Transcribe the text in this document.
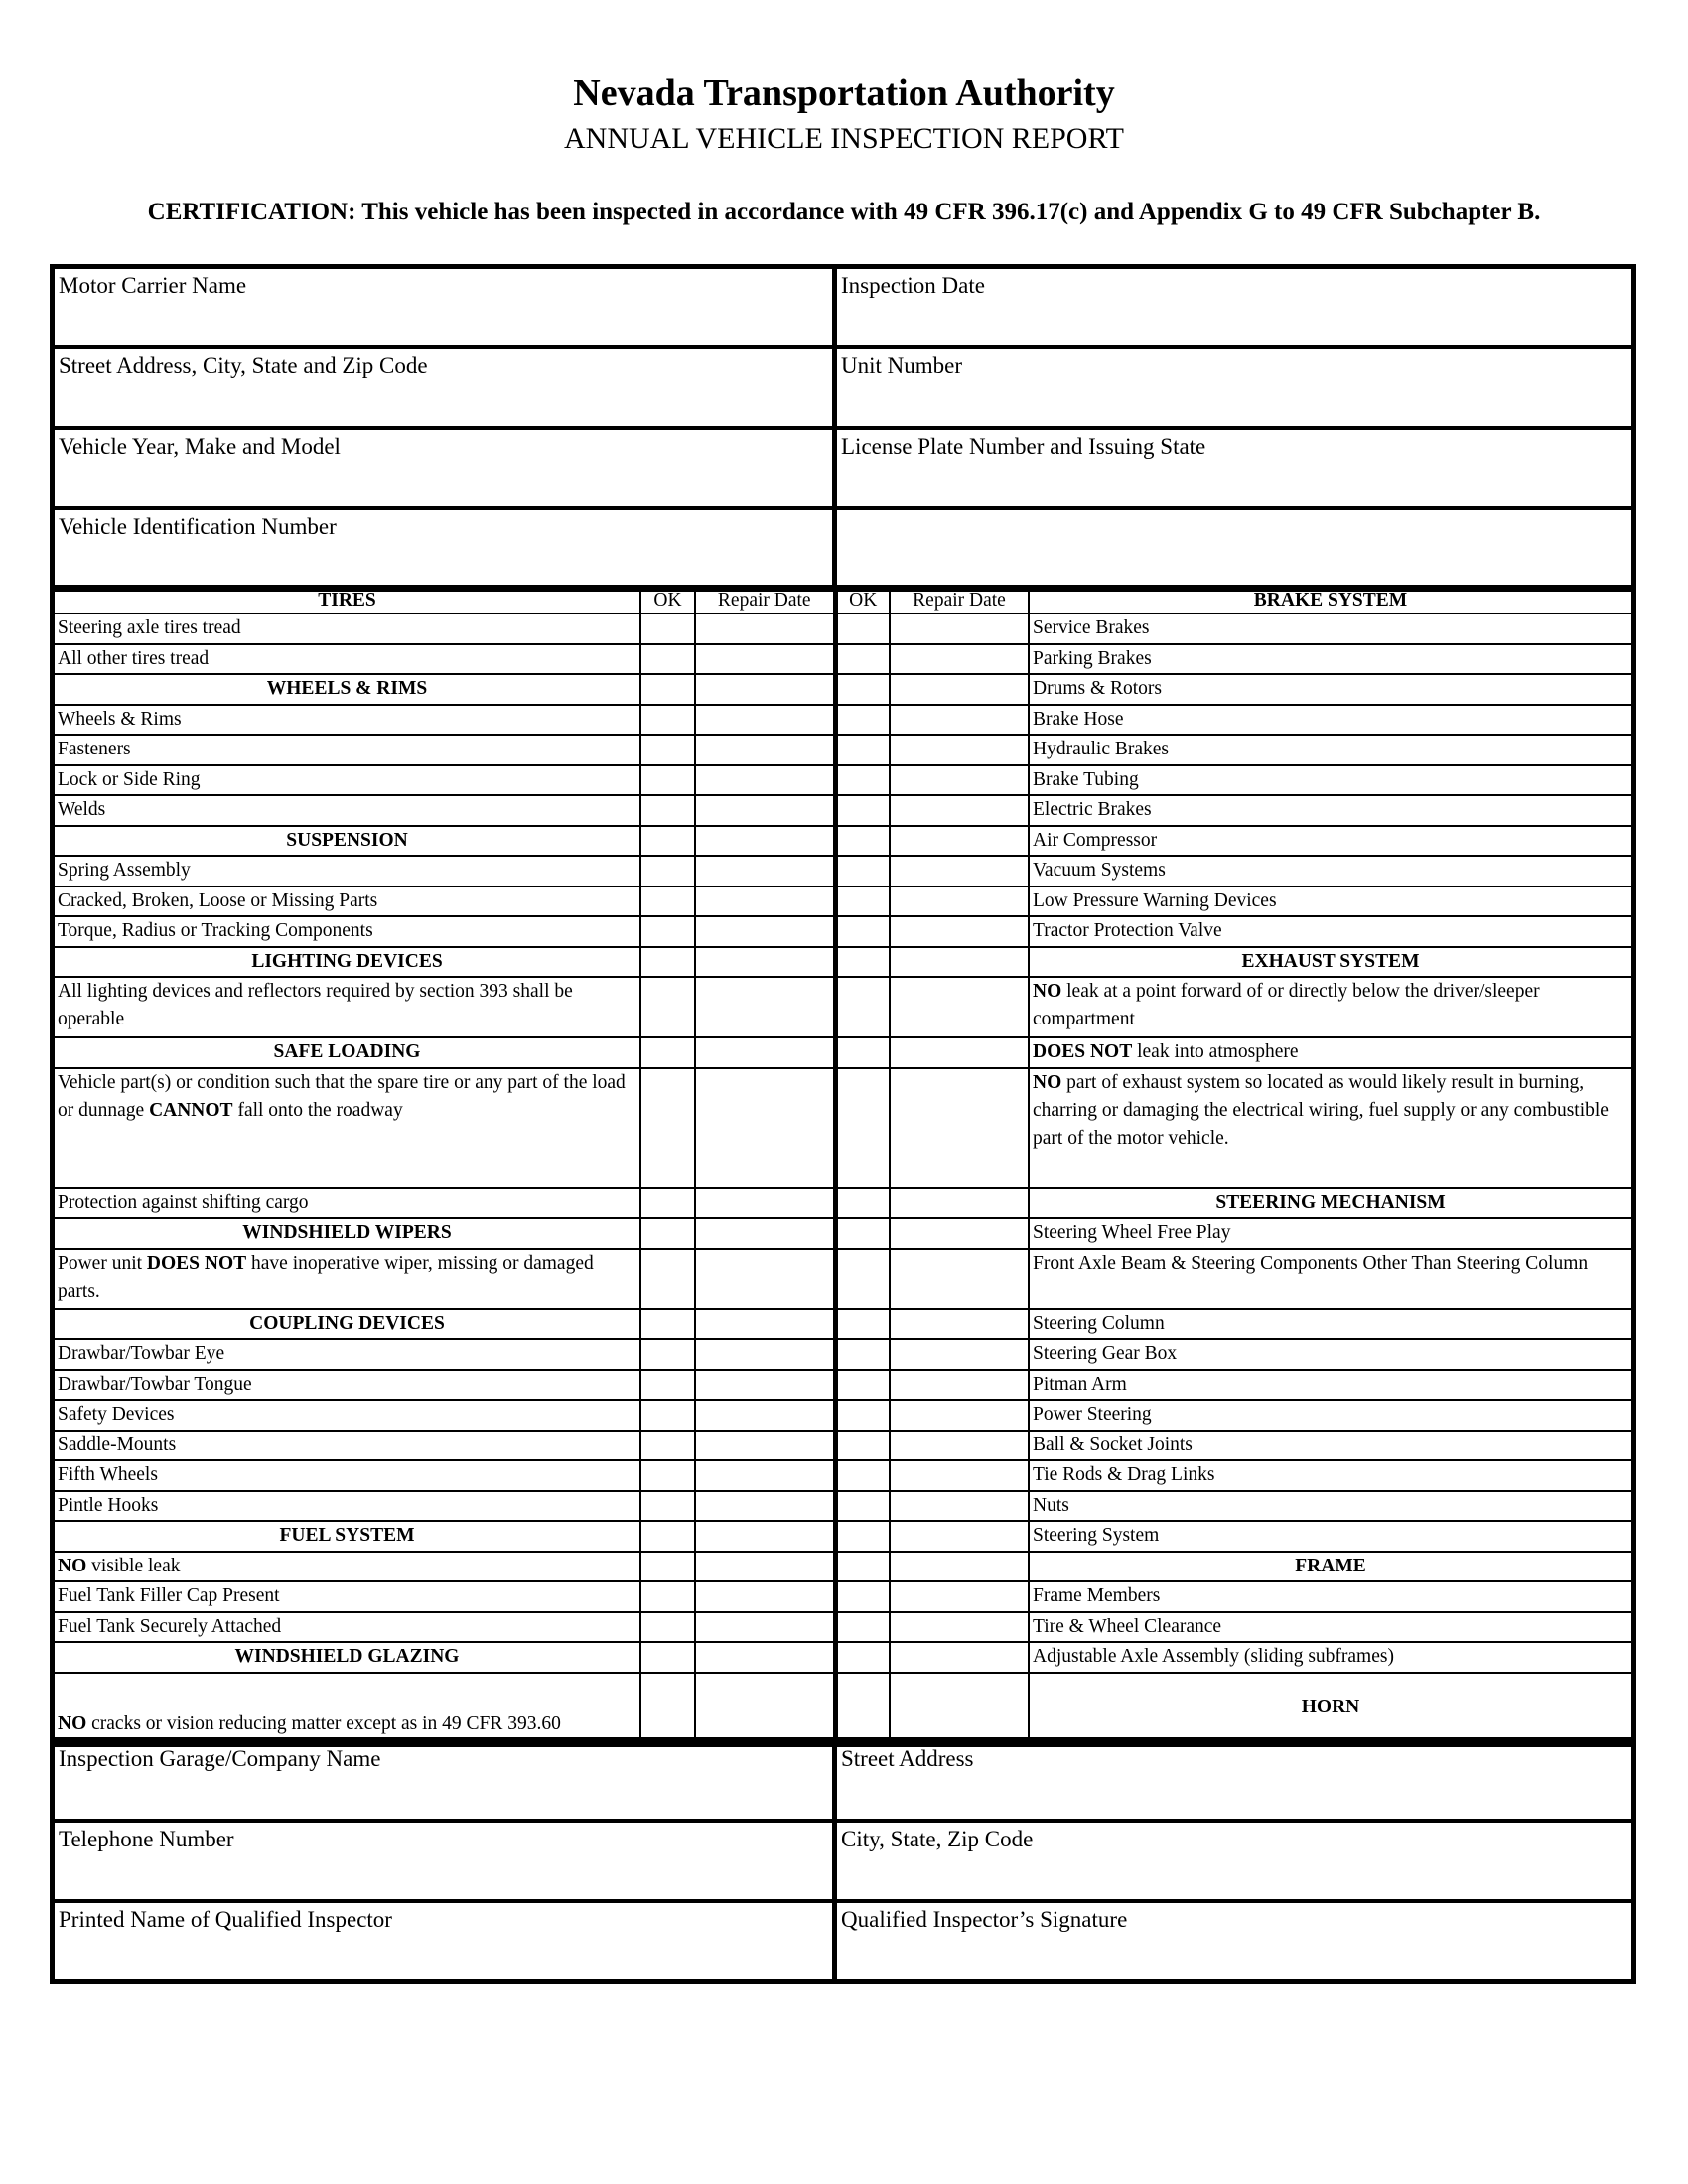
Nevada Transportation Authority
ANNUAL VEHICLE INSPECTION REPORT
CERTIFICATION: This vehicle has been inspected in accordance with 49 CFR 396.17(c) and Appendix G to 49 CFR Subchapter B.
Motor Carrier Name	Inspection Date
Street Address, City, State and Zip Code	Unit Number
Vehicle Year, Make and Model	License Plate Number and Issuing State
Vehicle Identification Number
TIRES	OK	Repair Date	OK	Repair Date	BRAKE SYSTEM
Steering axle tires tread					Service Brakes
All other tires tread					Parking Brakes
WHEELS & RIMS					Drums & Rotors
Wheels & Rims					Brake Hose
Fasteners					Hydraulic Brakes
Lock or Side Ring					Brake Tubing
Welds					Electric Brakes
SUSPENSION					Air Compressor
Spring Assembly					Vacuum Systems
Cracked, Broken, Loose or Missing Parts					Low Pressure Warning Devices
Torque, Radius or Tracking Components					Tractor Protection Valve
LIGHTING DEVICES					EXHAUST SYSTEM
All lighting devices and reflectors required by section 393 shall be operable					NO leak at a point forward of or directly below the driver/sleeper compartment
SAFE LOADING					DOES NOT leak into atmosphere
Vehicle part(s) or condition such that the spare tire or any part of the load or dunnage CANNOT fall onto the roadway					NO part of exhaust system so located as would likely result in burning, charring or damaging the electrical wiring, fuel supply or any combustible part of the motor vehicle.
Protection against shifting cargo					STEERING MECHANISM
WINDSHIELD WIPERS					Steering Wheel Free Play
Power unit DOES NOT have inoperative wiper, missing or damaged parts.					Front Axle Beam & Steering Components Other Than Steering Column
COUPLING DEVICES					Steering Column
Drawbar/Towbar Eye					Steering Gear Box
Drawbar/Towbar Tongue					Pitman Arm
Safety Devices					Power Steering
Saddle-Mounts					Ball & Socket Joints
Fifth Wheels					Tie Rods & Drag Links
Pintle Hooks					Nuts
FUEL SYSTEM					Steering System
NO visible leak					FRAME
Fuel Tank Filler Cap Present					Frame Members
Fuel Tank Securely Attached					Tire & Wheel Clearance
WINDSHIELD GLAZING					Adjustable Axle Assembly (sliding subframes)
NO cracks or vision reducing matter except as in 49 CFR 393.60					HORN
Inspection Garage/Company Name	Street Address
Telephone Number	City, State, Zip Code
Printed Name of Qualified Inspector	Qualified Inspector’s Signature
